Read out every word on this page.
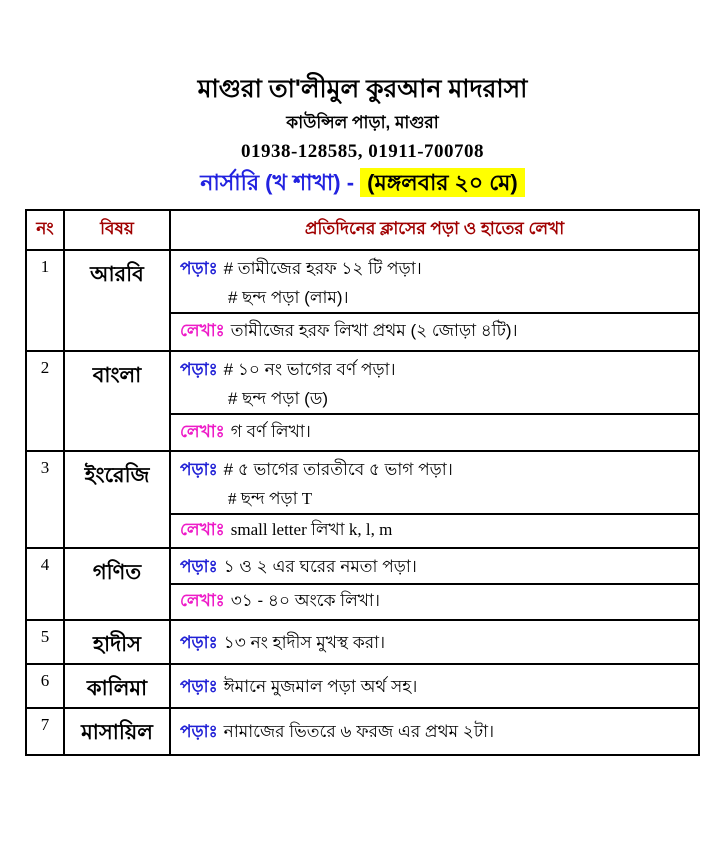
মাগুরা তা'লীমুল কুরআন মাদরাসা
কাউন্সিল পাড়া, মাগুরা
01938-128585, 01911-700708
নার্সারি (খ শাখা) - (মঙ্গলবার ২০ মে)
নং	বিষয়	প্রতিদিনের ক্লাসের পড়া ও হাতের লেখা
1	আরবি	পড়াঃ # তামীজের হরফ ১২ টি পড়া।
# ছন্দ পড়া (লাম)।
লেখাঃ তামীজের হরফ লিখা প্রথম (২ জোড়া ৪টি)।
2	বাংলা	পড়াঃ # ১০ নং ভাগের বর্ণ পড়া।
# ছন্দ পড়া (ড)
লেখাঃ গ বর্ণ লিখা।
3	ইংরেজি	পড়াঃ # ৫ ভাগের তারতীবে ৫ ভাগ পড়া।
# ছন্দ পড়া T
লেখাঃ small letter লিখা k, l, m
4	গণিত	পড়াঃ ১ ও ২ এর ঘরের নমতা পড়া।
লেখাঃ ৩১ - ৪০ অংকে লিখা।
5	হাদীস	পড়াঃ ১৩ নং হাদীস মুখস্থ করা।
6	কালিমা	পড়াঃ ঈমানে মুজমাল পড়া অর্থ সহ।
7	মাসায়িল	পড়াঃ নামাজের ভিতরে ৬ ফরজ এর প্রথম ২টা।
